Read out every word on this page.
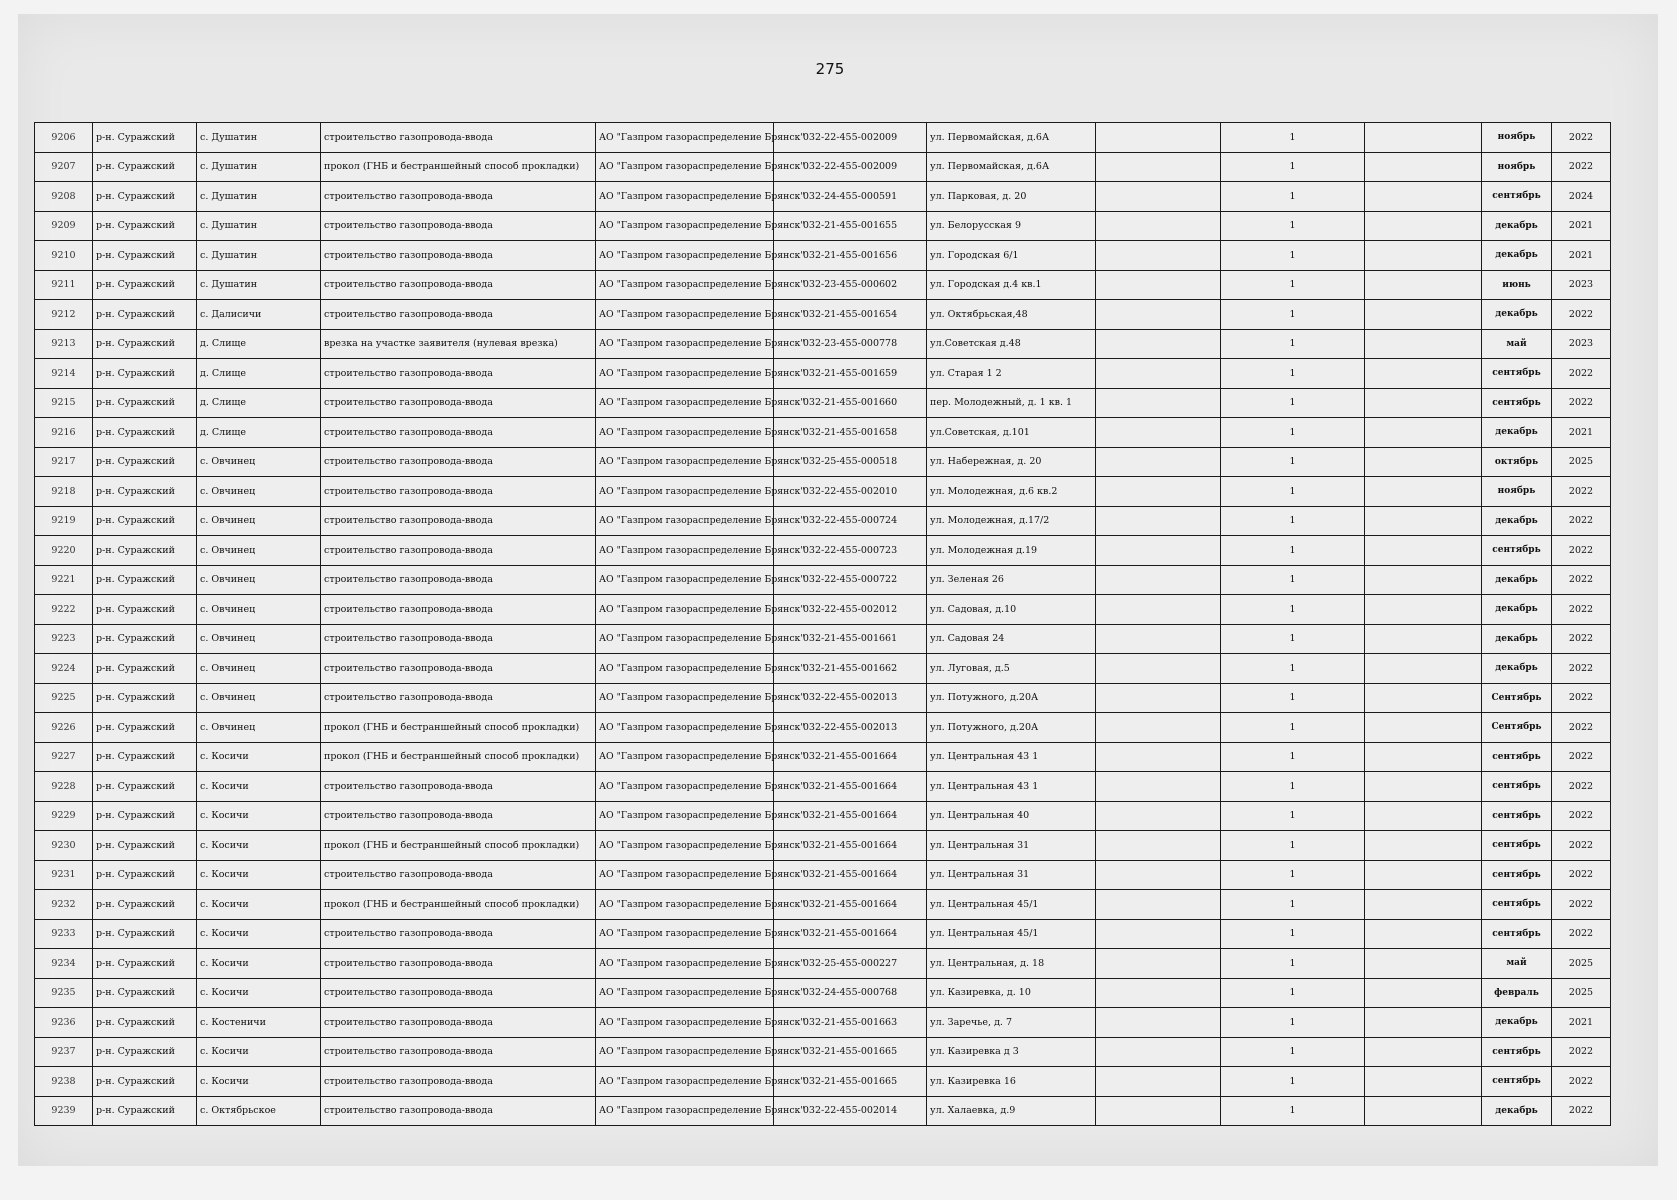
275
9206	р-н. Суражский	с. Душатин	строительство газопровода-ввода	АО "Газпром газораспределение Брянск"	032-22-455-002009	ул. Первомайская, д.6А		1		ноябрь	2022
9207	р-н. Суражский	с. Душатин	прокол (ГНБ и бестраншейный способ прокладки)	АО "Газпром газораспределение Брянск"	032-22-455-002009	ул. Первомайская, д.6А		1		ноябрь	2022
9208	р-н. Суражский	с. Душатин	строительство газопровода-ввода	АО "Газпром газораспределение Брянск"	032-24-455-000591	ул. Парковая, д. 20		1		сентябрь	2024
9209	р-н. Суражский	с. Душатин	строительство газопровода-ввода	АО "Газпром газораспределение Брянск"	032-21-455-001655	ул. Белорусская 9		1		декабрь	2021
9210	р-н. Суражский	с. Душатин	строительство газопровода-ввода	АО "Газпром газораспределение Брянск"	032-21-455-001656	ул. Городская 6/1		1		декабрь	2021
9211	р-н. Суражский	с. Душатин	строительство газопровода-ввода	АО "Газпром газораспределение Брянск"	032-23-455-000602	ул. Городская д.4 кв.1		1		июнь	2023
9212	р-н. Суражский	с. Далисичи	строительство газопровода-ввода	АО "Газпром газораспределение Брянск"	032-21-455-001654	ул. Октябрьская,48		1		декабрь	2022
9213	р-н. Суражский	д. Слище	врезка на участке заявителя (нулевая врезка)	АО "Газпром газораспределение Брянск"	032-23-455-000778	ул.Советская д.48		1		май	2023
9214	р-н. Суражский	д. Слище	строительство газопровода-ввода	АО "Газпром газораспределение Брянск"	032-21-455-001659	ул. Старая 1 2		1		сентябрь	2022
9215	р-н. Суражский	д. Слище	строительство газопровода-ввода	АО "Газпром газораспределение Брянск"	032-21-455-001660	пер. Молодежный, д. 1 кв. 1		1		сентябрь	2022
9216	р-н. Суражский	д. Слище	строительство газопровода-ввода	АО "Газпром газораспределение Брянск"	032-21-455-001658	ул.Советская, д.101		1		декабрь	2021
9217	р-н. Суражский	с. Овчинец	строительство газопровода-ввода	АО "Газпром газораспределение Брянск"	032-25-455-000518	ул. Набережная, д. 20		1		октябрь	2025
9218	р-н. Суражский	с. Овчинец	строительство газопровода-ввода	АО "Газпром газораспределение Брянск"	032-22-455-002010	ул. Молодежная, д.6 кв.2		1		ноябрь	2022
9219	р-н. Суражский	с. Овчинец	строительство газопровода-ввода	АО "Газпром газораспределение Брянск"	032-22-455-000724	ул. Молодежная, д.17/2		1		декабрь	2022
9220	р-н. Суражский	с. Овчинец	строительство газопровода-ввода	АО "Газпром газораспределение Брянск"	032-22-455-000723	ул. Молодежная д.19		1		сентябрь	2022
9221	р-н. Суражский	с. Овчинец	строительство газопровода-ввода	АО "Газпром газораспределение Брянск"	032-22-455-000722	ул. Зеленая 26		1		декабрь	2022
9222	р-н. Суражский	с. Овчинец	строительство газопровода-ввода	АО "Газпром газораспределение Брянск"	032-22-455-002012	ул. Садовая, д.10		1		декабрь	2022
9223	р-н. Суражский	с. Овчинец	строительство газопровода-ввода	АО "Газпром газораспределение Брянск"	032-21-455-001661	ул. Садовая 24		1		декабрь	2022
9224	р-н. Суражский	с. Овчинец	строительство газопровода-ввода	АО "Газпром газораспределение Брянск"	032-21-455-001662	ул. Луговая, д.5		1		декабрь	2022
9225	р-н. Суражский	с. Овчинец	строительство газопровода-ввода	АО "Газпром газораспределение Брянск"	032-22-455-002013	ул. Потужного, д.20А		1		Сентябрь	2022
9226	р-н. Суражский	с. Овчинец	прокол (ГНБ и бестраншейный способ прокладки)	АО "Газпром газораспределение Брянск"	032-22-455-002013	ул. Потужного, д.20А		1		Сентябрь	2022
9227	р-н. Суражский	с. Косичи	прокол (ГНБ и бестраншейный способ прокладки)	АО "Газпром газораспределение Брянск"	032-21-455-001664	ул. Центральная 43 1		1		сентябрь	2022
9228	р-н. Суражский	с. Косичи	строительство газопровода-ввода	АО "Газпром газораспределение Брянск"	032-21-455-001664	ул. Центральная 43 1		1		сентябрь	2022
9229	р-н. Суражский	с. Косичи	строительство газопровода-ввода	АО "Газпром газораспределение Брянск"	032-21-455-001664	ул. Центральная 40		1		сентябрь	2022
9230	р-н. Суражский	с. Косичи	прокол (ГНБ и бестраншейный способ прокладки)	АО "Газпром газораспределение Брянск"	032-21-455-001664	ул. Центральная 31		1		сентябрь	2022
9231	р-н. Суражский	с. Косичи	строительство газопровода-ввода	АО "Газпром газораспределение Брянск"	032-21-455-001664	ул. Центральная 31		1		сентябрь	2022
9232	р-н. Суражский	с. Косичи	прокол (ГНБ и бестраншейный способ прокладки)	АО "Газпром газораспределение Брянск"	032-21-455-001664	ул. Центральная 45/1		1		сентябрь	2022
9233	р-н. Суражский	с. Косичи	строительство газопровода-ввода	АО "Газпром газораспределение Брянск"	032-21-455-001664	ул. Центральная 45/1		1		сентябрь	2022
9234	р-н. Суражский	с. Косичи	строительство газопровода-ввода	АО "Газпром газораспределение Брянск"	032-25-455-000227	ул. Центральная, д. 18		1		май	2025
9235	р-н. Суражский	с. Косичи	строительство газопровода-ввода	АО "Газпром газораспределение Брянск"	032-24-455-000768	ул. Казиревка, д. 10		1		февраль	2025
9236	р-н. Суражский	с. Костеничи	строительство газопровода-ввода	АО "Газпром газораспределение Брянск"	032-21-455-001663	ул. Заречье, д. 7		1		декабрь	2021
9237	р-н. Суражский	с. Косичи	строительство газопровода-ввода	АО "Газпром газораспределение Брянск"	032-21-455-001665	ул. Казиревка д 3		1		сентябрь	2022
9238	р-н. Суражский	с. Косичи	строительство газопровода-ввода	АО "Газпром газораспределение Брянск"	032-21-455-001665	ул. Казиревка 16		1		сентябрь	2022
9239	р-н. Суражский	с. Октябрьское	строительство газопровода-ввода	АО "Газпром газораспределение Брянск"	032-22-455-002014	ул. Халаевка, д.9		1		декабрь	2022
